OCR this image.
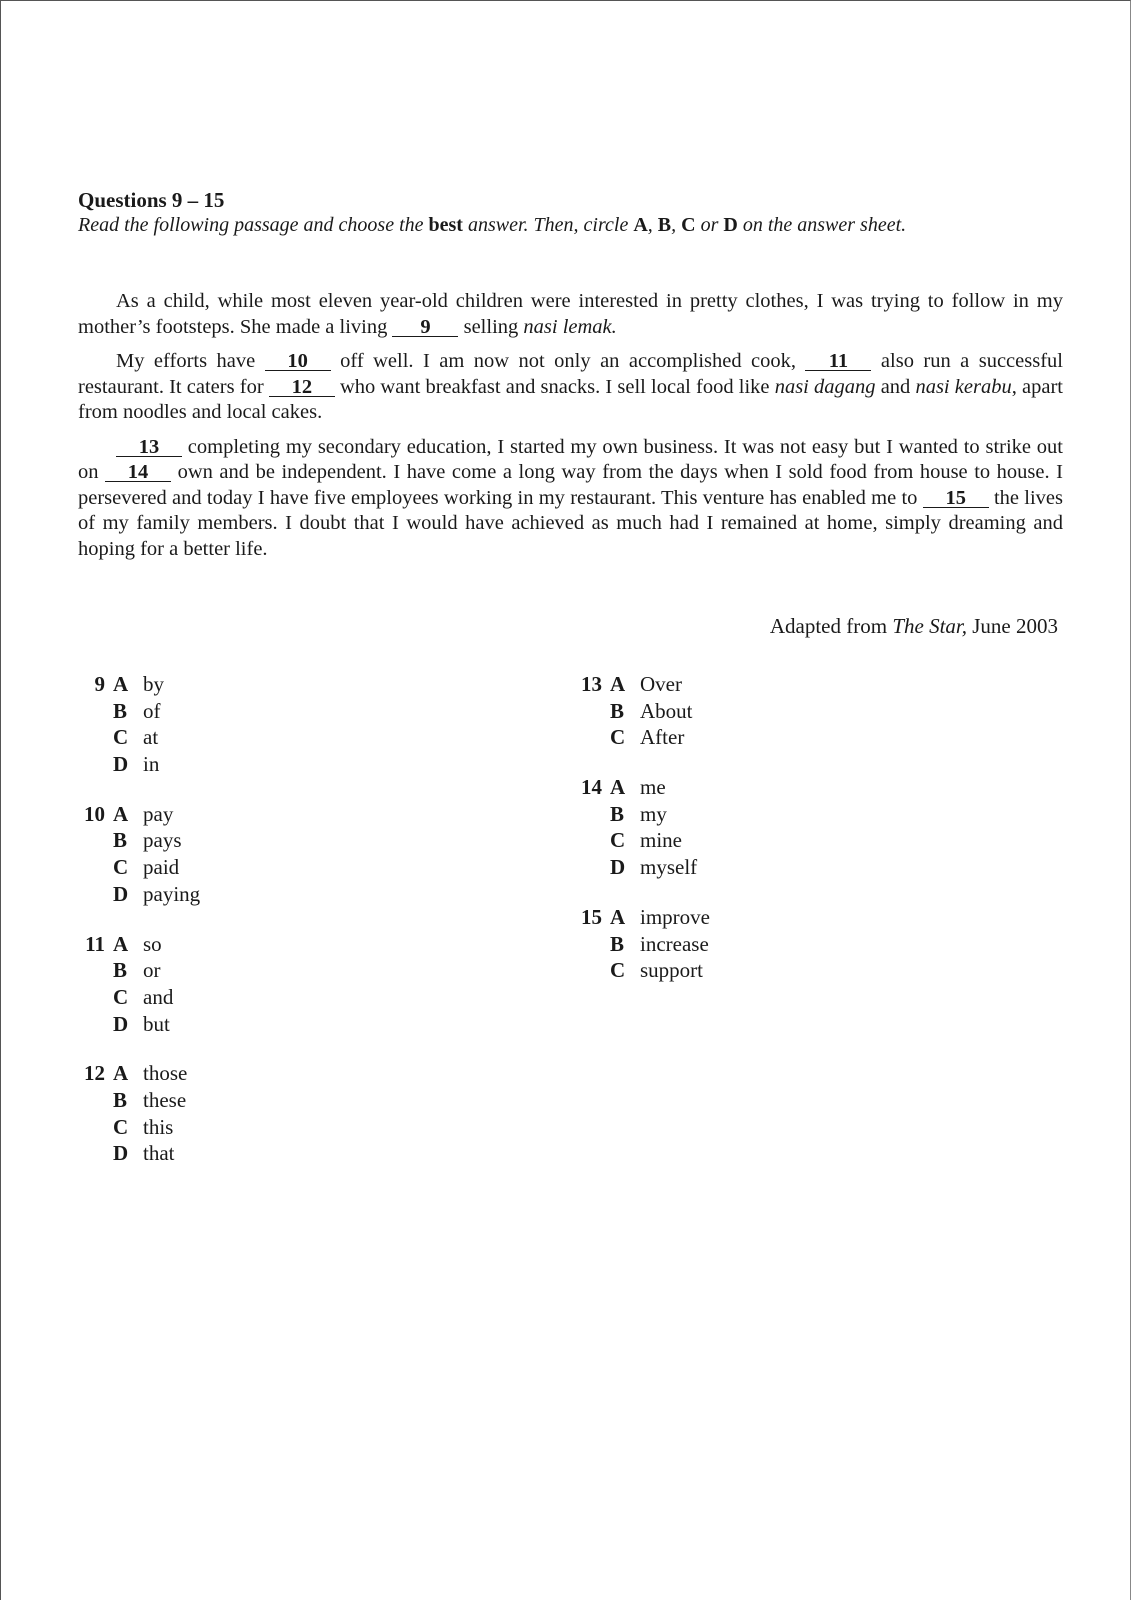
Questions 9 – 15
Read the following passage and choose the best answer. Then, circle A, B, C or D on the answer sheet.

As a child, while most eleven year-old children were interested in pretty clothes, I was trying to follow in my mother’s footsteps. She made a living 9 selling nasi lemak.

My efforts have 10 off well. I am now not only an accomplished cook, 11 also run a successful restaurant. It caters for 12 who want breakfast and snacks. I sell local food like nasi dagang and nasi kerabu, apart from noodles and local cakes.

13 completing my secondary education, I started my own business. It was not easy but I wanted to strike out on 14 own and be independent. I have come a long way from the days when I sold food from house to house. I persevered and today I have five employees working in my restaurant. This venture has enabled me to 15 the lives of my family members. I doubt that I would have achieved as much had I remained at home, simply dreaming and hoping for a better life.

Adapted from The Star, June 2003
9 A by
B of
C at
D in
10 A pay
B pays
C paid
D paying
11 A so
B or
C and
D but
12 A those
B these
C this
D that
13 A Over
B About
C After
14 A me
B my
C mine
D myself
15 A improve
B increase
C support
